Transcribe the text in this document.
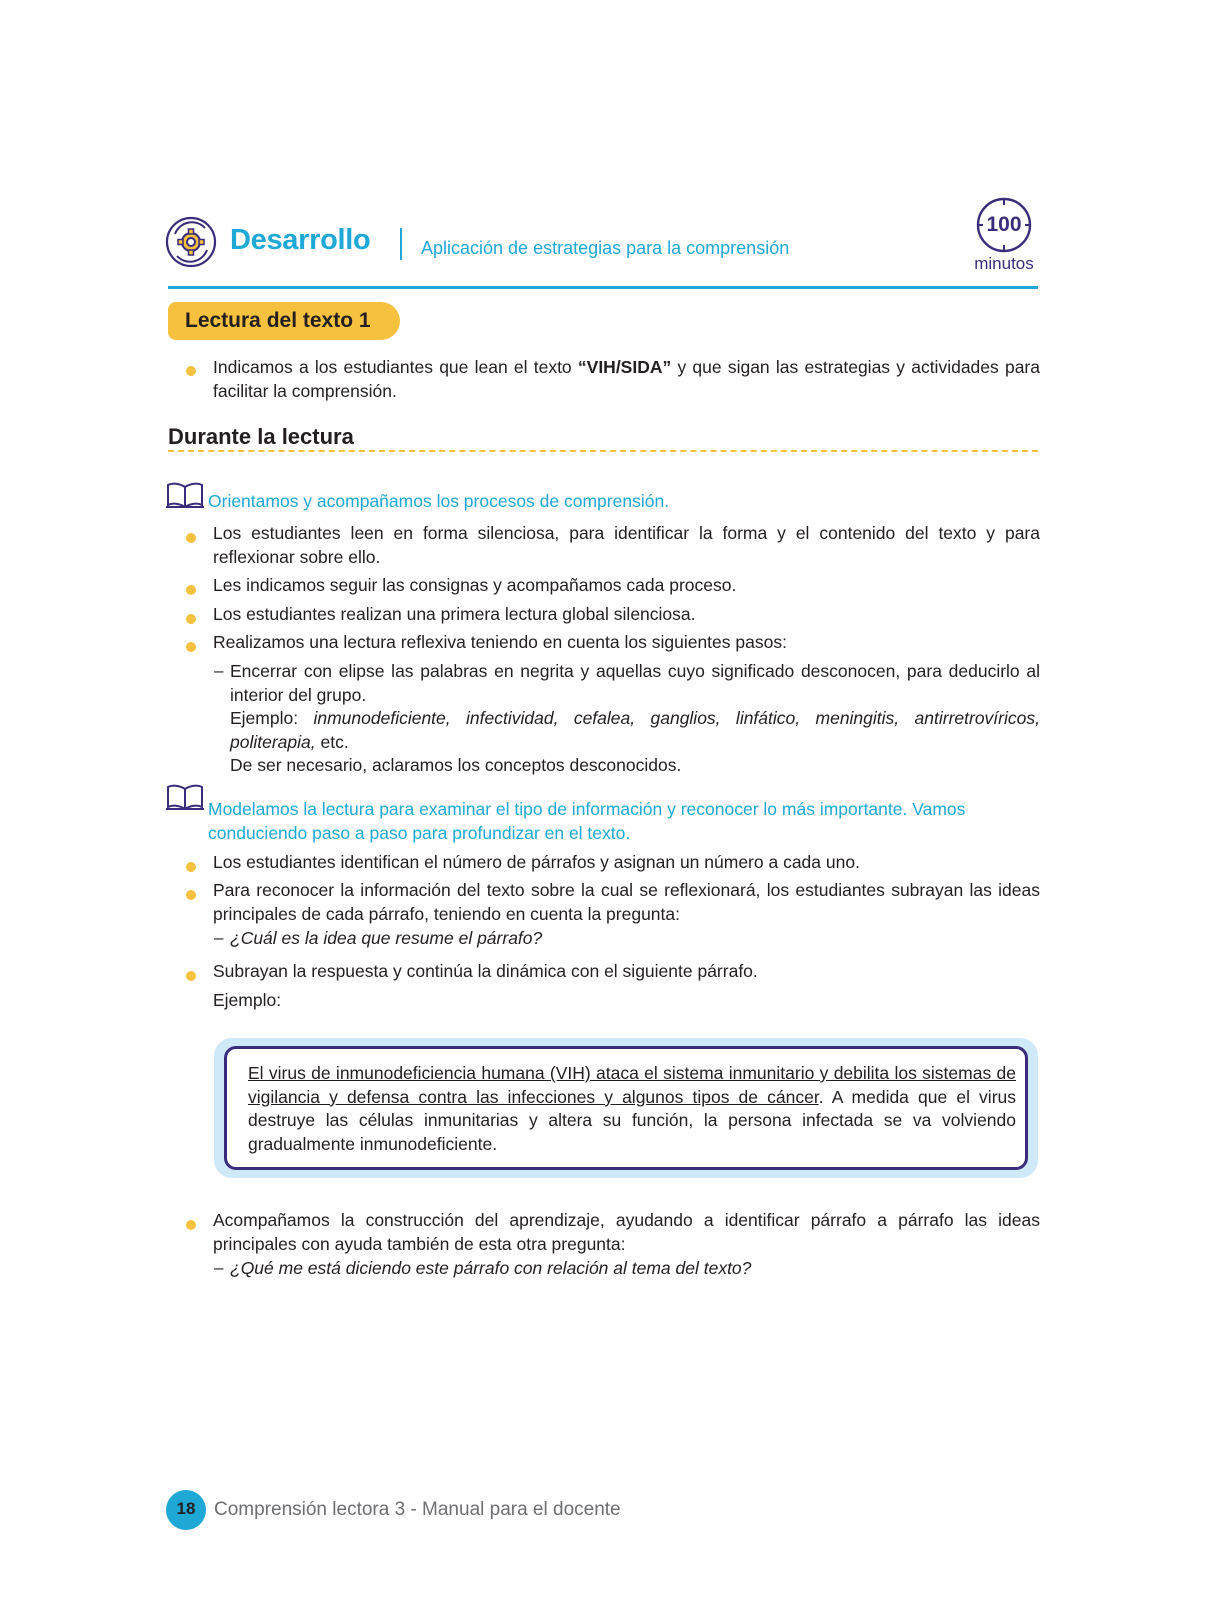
Desarrollo	Aplicación de estrategias para la comprensión
100
minutos
Lectura del texto 1
Indicamos a los estudiantes que lean el texto “VIH/SIDA” y que sigan las estrategias y actividades para facilitar la comprensión.
Durante la lectura
Orientamos y acompañamos los procesos de comprensión.
Los estudiantes leen en forma silenciosa, para identificar la forma y el contenido del texto y para reflexionar sobre ello.
Les indicamos seguir las consignas y acompañamos cada proceso.
Los estudiantes realizan una primera lectura global silenciosa.
Realizamos una lectura reflexiva teniendo en cuenta los siguientes pasos:
– Encerrar con elipse las palabras en negrita y aquellas cuyo significado desconocen, para deducirlo al interior del grupo.
Ejemplo: inmunodeficiente, infectividad, cefalea, ganglios, linfático, meningitis, antirretrovíricos, politerapia, etc.
De ser necesario, aclaramos los conceptos desconocidos.
Modelamos la lectura para examinar el tipo de información y reconocer lo más importante. Vamos conduciendo paso a paso para profundizar en el texto.
Los estudiantes identifican el número de párrafos y asignan un número a cada uno.
Para reconocer la información del texto sobre la cual se reflexionará, los estudiantes subrayan las ideas principales de cada párrafo, teniendo en cuenta la pregunta:
– ¿Cuál es la idea que resume el párrafo?
Subrayan la respuesta y continúa la dinámica con el siguiente párrafo.
Ejemplo:
El virus de inmunodeficiencia humana (VIH) ataca el sistema inmunitario y debilita los sistemas de vigilancia y defensa contra las infecciones y algunos tipos de cáncer. A medida que el virus destruye las células inmunitarias y altera su función, la persona infectada se va volviendo gradualmente inmunodeficiente.
Acompañamos la construcción del aprendizaje, ayudando a identificar párrafo a párrafo las ideas principales con ayuda también de esta otra pregunta:
– ¿Qué me está diciendo este párrafo con relación al tema del texto?
18 Comprensión lectora 3 - Manual para el docente
